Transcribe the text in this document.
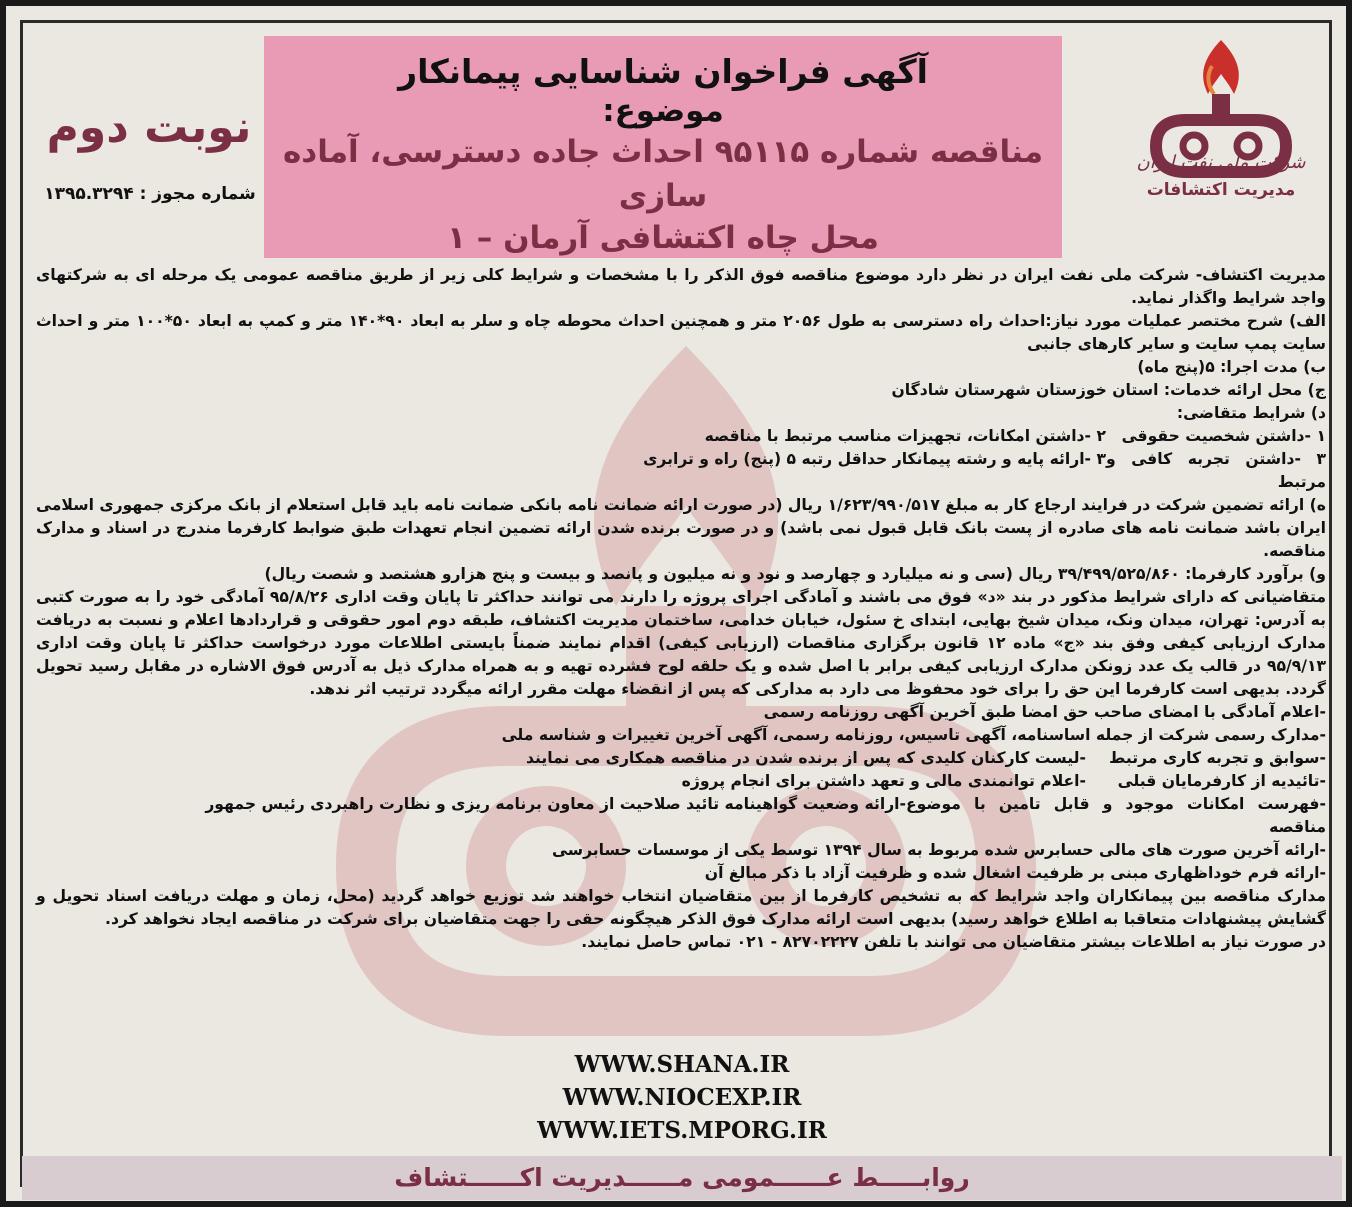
آگهی فراخوان شناسایی پیمانکار
موضوع:
مناقصه شماره ۹۵۱۱۵ احداث جاده دسترسی، آماده سازی
محل چاه اکتشافی آرمان – ۱
نوبت دوم
شماره مجوز : ۱۳۹۵.۳۲۹۴
شرکت ملی نفت ایران
مدیریت اکتشافات

مدیریت اکتشاف- شرکت ملی نفت ایران در نظر دارد موضوع مناقصه فوق الذکر را با مشخصات و شرایط کلی زیر از طریق مناقصه عمومی یک مرحله ای به شرکتهای واجد شرایط واگذار نماید.

الف) شرح مختصر عملیات مورد نیاز:احداث راه دسترسی به طول ۲۰۵۶ متر و همچنین احداث محوطه چاه و سلر به ابعاد ۹۰*۱۴۰ متر و کمپ به ابعاد ۵۰*۱۰۰ متر و احداث سایت پمپ سایت و سایر کارهای جانبی

ب) مدت اجرا: ۵(پنج ماه)

ج) محل ارائه خدمات: استان خوزستان شهرستان شادگان

د) شرایط متقاضی:

۱ -داشتن شخصیت حقوقی
۲ -داشتن امکانات، تجهیزات مناسب مرتبط با مناقصه
۳ -داشتن تجربه کافی و مرتبط
۳ -ارائه پایه و رشته پیمانکار حداقل رتبه ۵ (پنج) راه و ترابری

ه) ارائه تضمین شرکت در فرایند ارجاع کار به مبلغ ۱/۶۲۳/۹۹۰/۵۱۷ ریال (در صورت ارائه ضمانت نامه بانکی ضمانت نامه باید قابل استعلام از بانک مرکزی جمهوری اسلامی ایران باشد ضمانت نامه های صادره از پست بانک قابل قبول نمی باشد) و در صورت برنده شدن ارائه تضمین انجام تعهدات طبق ضوابط کارفرما مندرج در اسناد و مدارک مناقصه.

و) برآورد کارفرما: ۳۹/۴۹۹/۵۲۵/۸۶۰ ریال (سی و نه میلیارد و چهارصد و نود و نه میلیون و پانصد و بیست و پنج هزارو هشتصد و شصت ریال)

متقاضیانی که دارای شرایط مذکور در بند «د» فوق می باشند و آمادگی اجرای پروژه را دارند می توانند حداکثر تا پایان وقت اداری ۹۵/۸/۲۶ آمادگی خود را به صورت کتبی به آدرس: تهران، میدان ونک، میدان شیخ بهایی، ابتدای خ سئول، خیابان خدامی، ساختمان مدیریت اکتشاف، طبقه دوم امور حقوقی و قراردادها اعلام و نسبت به دریافت مدارک ارزیابی کیفی وفق بند «ج» ماده ۱۲ قانون برگزاری مناقصات (ارزیابی کیفی) اقدام نمایند ضمناً بایستی اطلاعات مورد درخواست حداکثر تا پایان وقت اداری ۹۵/۹/۱۳ در قالب یک عدد زونکن مدارک ارزیابی کیفی برابر با اصل شده و یک حلقه لوح فشرده تهیه و به همراه مدارک ذیل به آدرس فوق الاشاره در مقابل رسید تحویل گردد. بدیهی است کارفرما این حق را برای خود محفوظ می دارد به مدارکی که پس از انقضاء مهلت مقرر ارائه میگردد ترتیب اثر ندهد.

-اعلام آمادگی با امضای صاحب حق امضا طبق آخرین آگهی روزنامه رسمی

-مدارک رسمی شرکت از جمله اساسنامه، آگهی تاسیس، روزنامه رسمی، آگهی آخرین تغییرات و شناسه ملی

-سوابق و تجربه کاری مرتبط
-لیست کارکنان کلیدی که پس از برنده شدن در مناقصه همکاری می نمایند
-تائیدیه از کارفرمایان قبلی
-اعلام توانمندی مالی و تعهد داشتن برای انجام پروژه
-فهرست امکانات موجود و قابل تامین با موضوع مناقصه
-ارائه وضعیت گواهینامه تائید صلاحیت از معاون برنامه ریزی و نظارت راهبردی رئیس جمهور

-ارائه آخرین صورت های مالی حسابرس شده مربوط به سال ۱۳۹۴ توسط یکی از موسسات حسابرسی

-ارائه فرم خوداظهاری مبنی بر ظرفیت اشغال شده و ظرفیت آزاد با ذکر مبالغ آن

مدارک مناقصه بین پیمانکاران واجد شرایط که به تشخیص کارفرما از بین متقاضیان انتخاب خواهند شد توزیع خواهد گردید (محل، زمان و مهلت دریافت اسناد تحویل و گشایش پیشنهادات متعاقبا به اطلاع خواهد رسید) بدیهی است ارائه مدارک فوق الذکر هیچگونه حقی را جهت متقاضیان برای شرکت در مناقصه ایجاد نخواهد کرد.

در صورت نیاز به اطلاعات بیشتر متقاضیان می توانند با تلفن ۸۲۷۰۲۲۲۷ - ۰۲۱ تماس حاصل نمایند.

WWW.SHANA.IR
WWW.NIOCEXP.IR
WWW.IETS.MPORG.IR
روابـــــط عــــــمومی مــــــدیریت اکــــــتشاف
